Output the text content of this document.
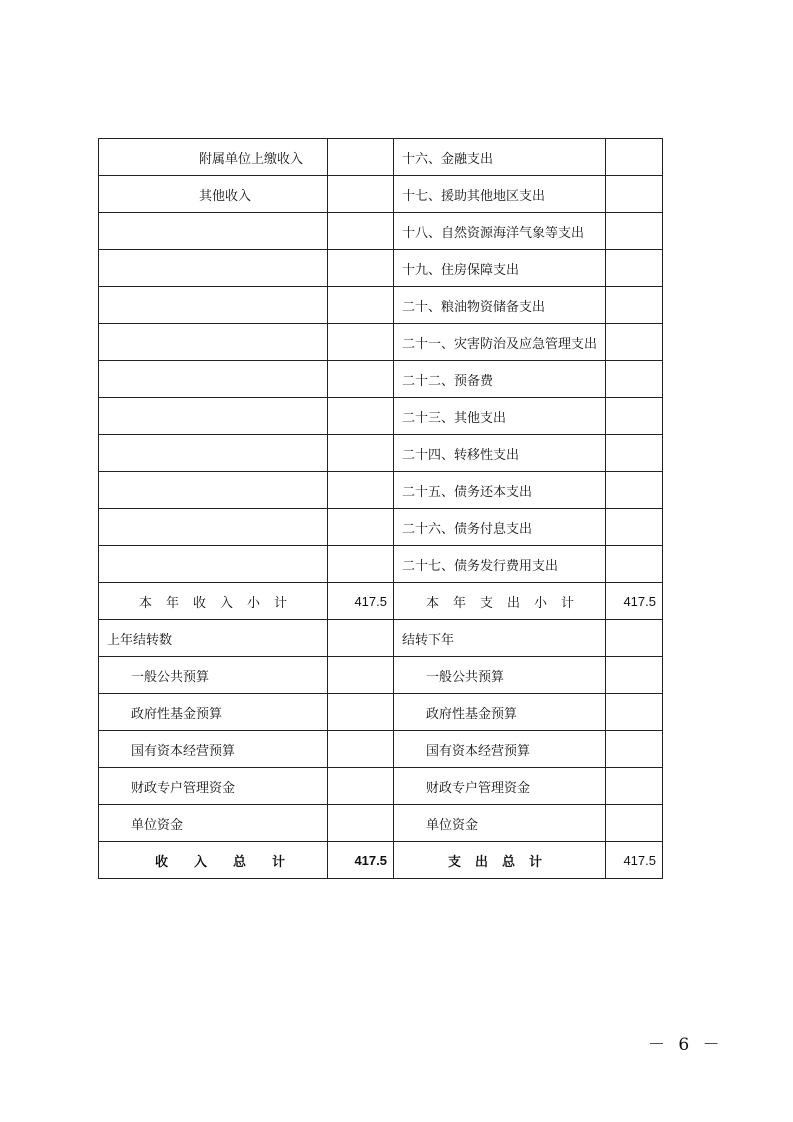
附属单位上缴收入		十六、金融支出	
其他收入		十七、援助其他地区支出	
		十八、自然资源海洋气象等支出	
		十九、住房保障支出	
		二十、粮油物资储备支出	
		二十一、灾害防治及应急管理支出	
		二十二、预备费	
		二十三、其他支出	
		二十四、转移性支出	
		二十五、债务还本支出	
		二十六、债务付息支出	
		二十七、债务发行费用支出	
本年收入小计	417.5	本年支出小计	417.5
上年结转数		结转下年	
一般公共预算		一般公共预算	
政府性基金预算		政府性基金预算	
国有资本经营预算		国有资本经营预算	
财政专户管理资金		财政专户管理资金	
单位资金		单位资金	
收入总计	417.5	支出总计	417.5
－ 6 －
